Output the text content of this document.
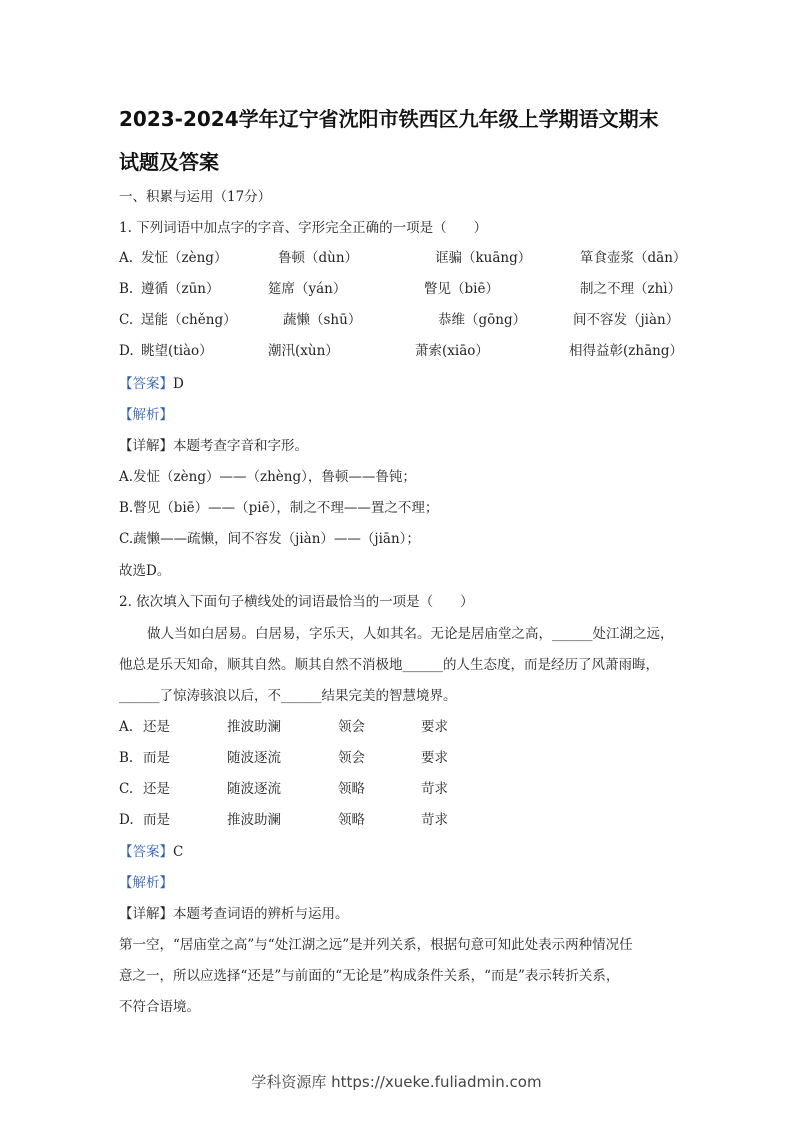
2023-2024学年辽宁省沈阳市铁西区九年级上学期语文期末
试题及答案
一、积累与运用（17分）
1. 下列词语中加点字的字音、字形完全正确的一项是（　　）
A. 发怔（zèng）	鲁顿（dùn）	诓骗（kuāng）	箪食壶浆（dān）
B. 遵循（zūn）	筵席（yán）	瞥见（biē）	制之不理（zhì）
C. 逞能（chěng）	蔬懒（shū）	恭维（gōng）	间不容发（jiàn）
D. 眺望(tiào）	潮汛(xùn）	萧索(xiāo）	相得益彰(zhāng）
【答案】D
【解析】
【详解】本题考查字音和字形。
A.发怔（zèng）——（zhèng），鲁顿——鲁钝；
B.瞥见（biē）——（piē），制之不理——置之不理；
C.蔬懒——疏懒，间不容发（jiàn）——（jiān）；
故选D。
2. 依次填入下面句子横线处的词语最恰当的一项是（　　）
做人当如白居易。白居易，字乐天，人如其名。无论是居庙堂之高，______处江湖之远，
他总是乐天知命，顺其自然。顺其自然不消极地______的人生态度，而是经历了风萧雨晦，
______了惊涛骇浪以后，不______结果完美的智慧境界。
A. 还是	推波助澜	领会	要求
B. 而是	随波逐流	领会	要求
C. 还是	随波逐流	领略	苛求
D. 而是	推波助澜	领略	苛求
【答案】C
【解析】
【详解】本题考查词语的辨析与运用。
第一空，“居庙堂之高”与“处江湖之远”是并列关系，根据句意可知此处表示两种情况任
意之一，所以应选择“还是”与前面的“无论是”构成条件关系，“而是”表示转折关系，
不符合语境。
学科资源库 https://xueke.fuliadmin.com
